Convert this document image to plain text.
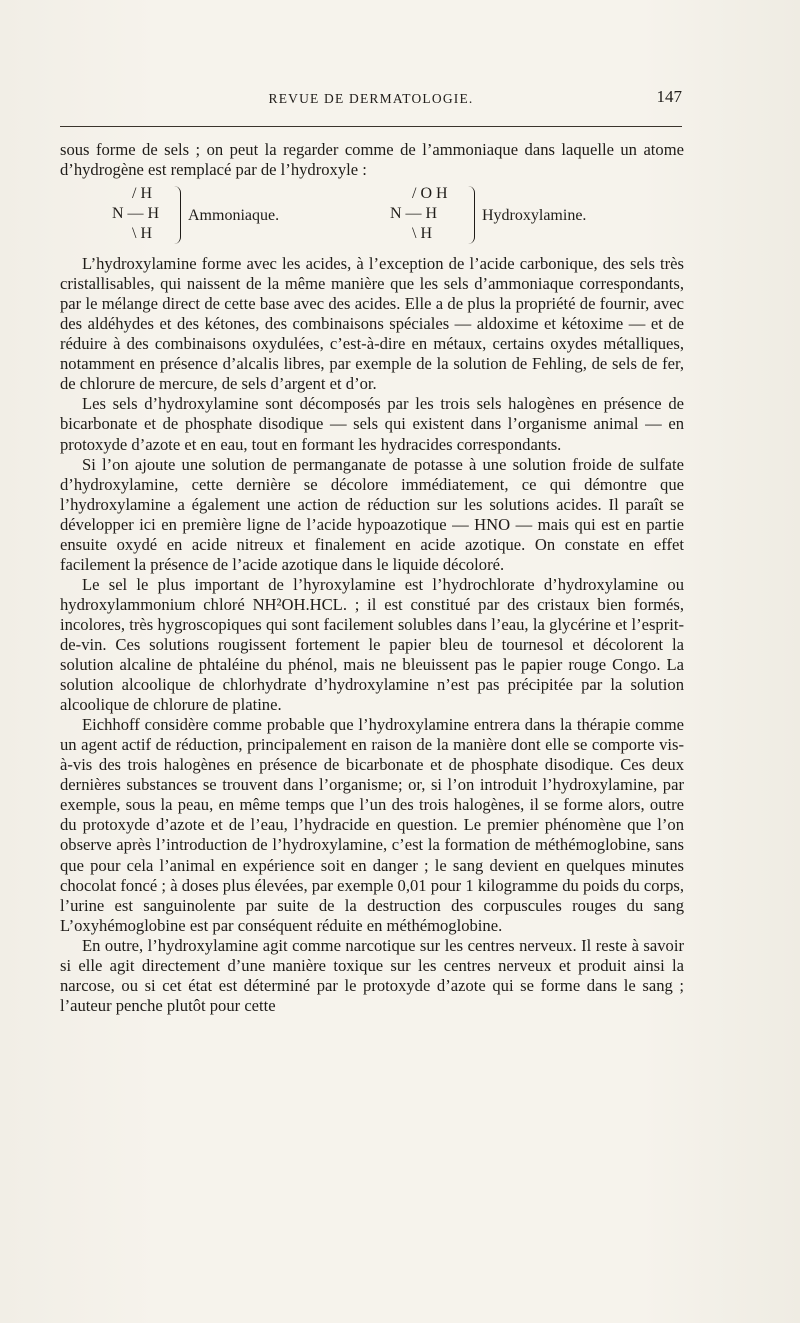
REVUE DE DERMATOLOGIE.	147

sous forme de sels ; on peut la regarder comme de l’ammoniaque dans laquelle un atome d’hydrogène est remplacé par de l’hydroxyle :

/ H
N — H
\ H
Ammoniaque.
/ O H
N — H
\ H
Hydroxylamine.

L’hydroxylamine forme avec les acides, à l’exception de l’acide carbonique, des sels très cristallisables, qui naissent de la même manière que les sels d’ammoniaque correspondants, par le mélange direct de cette base avec des acides. Elle a de plus la propriété de fournir, avec des aldéhydes et des kétones, des combinaisons spéciales — aldoxime et kétoxime — et de réduire à des combinaisons oxydulées, c’est-à-dire en métaux, certains oxydes métalliques, notamment en présence d’alcalis libres, par exemple de la solution de Fehling, de sels de fer, de chlorure de mercure, de sels d’argent et d’or.

Les sels d’hydroxylamine sont décomposés par les trois sels halogènes en présence de bicarbonate et de phosphate disodique — sels qui existent dans l’organisme animal — en protoxyde d’azote et en eau, tout en formant les hydracides correspondants.

Si l’on ajoute une solution de permanganate de potasse à une solution froide de sulfate d’hydroxylamine, cette dernière se décolore immédiatement, ce qui démontre que l’hydroxylamine a également une action de réduction sur les solutions acides. Il paraît se développer ici en première ligne de l’acide hypoazotique — HNO — mais qui est en partie ensuite oxydé en acide nitreux et finalement en acide azotique. On constate en effet facilement la présence de l’acide azotique dans le liquide décoloré.

Le sel le plus important de l’hyroxylamine est l’hydrochlorate d’hydroxylamine ou hydroxylammonium chloré NH²OH.HCL. ; il est constitué par des cristaux bien formés, incolores, très hygroscopiques qui sont facilement solubles dans l’eau, la glycérine et l’esprit-de-vin. Ces solutions rougissent fortement le papier bleu de tournesol et décolorent la solution alcaline de phtaléine du phénol, mais ne bleuissent pas le papier rouge Congo. La solution alcoolique de chlorhydrate d’hydroxylamine n’est pas précipitée par la solution alcoolique de chlorure de platine.

Eichhoff considère comme probable que l’hydroxylamine entrera dans la thérapie comme un agent actif de réduction, principalement en raison de la manière dont elle se comporte vis-à-vis des trois halogènes en présence de bicarbonate et de phosphate disodique. Ces deux dernières substances se trouvent dans l’organisme; or, si l’on introduit l’hydroxylamine, par exemple, sous la peau, en même temps que l’un des trois halogènes, il se forme alors, outre du protoxyde d’azote et de l’eau, l’hydracide en question. Le premier phénomène que l’on observe après l’introduction de l’hydroxylamine, c’est la formation de méthémoglobine, sans que pour cela l’animal en expérience soit en danger ; le sang devient en quelques minutes chocolat foncé ; à doses plus élevées, par exemple 0,01 pour 1 kilogramme du poids du corps, l’urine est sanguinolente par suite de la destruction des corpuscules rouges du sang L’oxyhémoglobine est par conséquent réduite en méthémoglobine.

En outre, l’hydroxylamine agit comme narcotique sur les centres nerveux. Il reste à savoir si elle agit directement d’une manière toxique sur les centres nerveux et produit ainsi la narcose, ou si cet état est déterminé par le protoxyde d’azote qui se forme dans le sang ; l’auteur penche plutôt pour cette
